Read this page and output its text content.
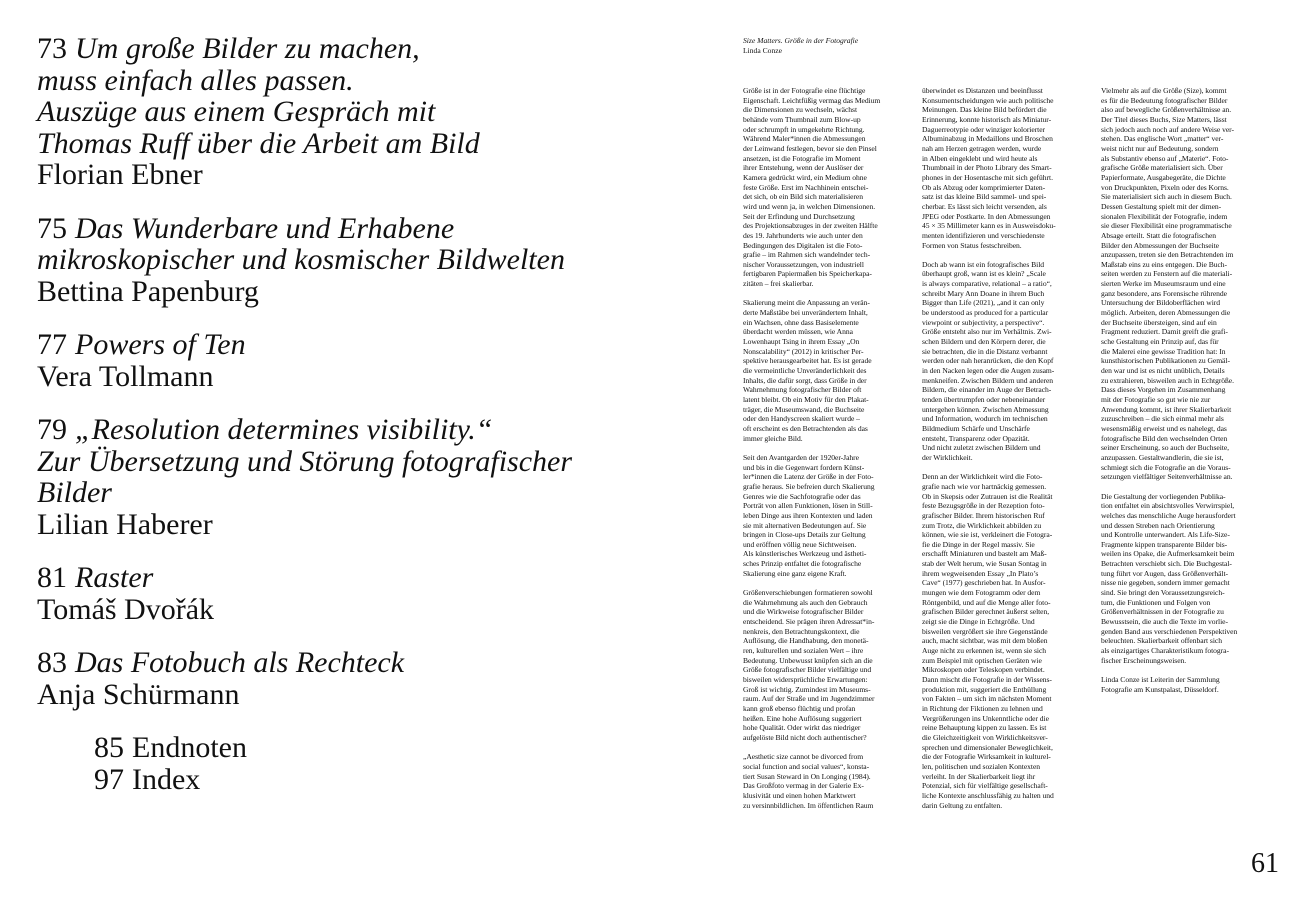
73 Um große Bilder zu machen,
muss einfach alles passen.
Auszüge aus einem Gespräch mit
Thomas Ruff über die Arbeit am Bild
Florian Ebner
75 Das Wunderbare und Erhabene
mikroskopischer und kosmischer Bildwelten
Bettina Papenburg
77 Powers of Ten
Vera Tollmann
79 „Resolution determines visibility.“
Zur Übersetzung und Störung fotografischer
Bilder
Lilian Haberer
81 Raster
Tomáš Dvořák
83 Das Fotobuch als Rechteck
Anja Schürmann
85 Endnoten
97 Index
Size Matters. Größe in der Fotografie
Linda Conze

Größe ist in der Fotografie eine flüchtige
Eigenschaft. Leichtfüßig vermag das Medium
die Dimensionen zu wechseln, wächst
behände vom Thumbnail zum Blow-up
oder schrumpft in umgekehrte Richtung.
Während Maler*innen die Abmessungen
der Leinwand festlegen, bevor sie den Pinsel
ansetzen, ist die Fotografie im Moment
ihrer Entstehung, wenn der Auslöser der
Kamera gedrückt wird, ein Medium ohne
feste Größe. Erst im Nachhinein entschei-
det sich, ob ein Bild sich materialisieren
wird und wenn ja, in welchen Dimensionen.
Seit der Erfindung und Durchsetzung
des Projektionsabzuges in der zweiten Hälfte
des 19. Jahrhunderts wie auch unter den
Bedingungen des Digitalen ist die Foto-
grafie – im Rahmen sich wandelnder tech-
nischer Voraussetzungen, von industriell
fertigbaren Papiermaßen bis Speicherkapa-
zitäten – frei skalierbar.

Skalierung meint die Anpassung an verän-
derte Maßstäbe bei unverändertem Inhalt,
ein Wachsen, ohne dass Basiselemente
überdacht werden müssen, wie Anna
Lowenhaupt Tsing in ihrem Essay „On
Nonscalability“ (2012) in kritischer Per-
spektive herausgearbeitet hat. Es ist gerade
die vermeintliche Unveränderlichkeit des
Inhalts, die dafür sorgt, dass Größe in der
Wahrnehmung fotografischer Bilder oft
latent bleibt. Ob ein Motiv für den Plakat-
träger, die Museumswand, die Buchseite
oder den Handyscreen skaliert wurde –
oft erscheint es den Betrachtenden als das
immer gleiche Bild.

Seit den Avantgarden der 1920er-Jahre
und bis in die Gegenwart fordern Künst-
ler*innen die Latenz der Größe in der Foto-
grafie heraus. Sie befreien durch Skalierung
Genres wie die Sachfotografie oder das
Porträt von allen Funktionen, lösen in Still-
leben Dinge aus ihren Kontexten und laden
sie mit alternativen Bedeutungen auf. Sie
bringen in Close-ups Details zur Geltung
und eröffnen völlig neue Sichtweisen.
Als künstlerisches Werkzeug und ästheti-
sches Prinzip entfaltet die fotografische
Skalierung eine ganz eigene Kraft.

Größenverschiebungen formatieren sowohl
die Wahrnehmung als auch den Gebrauch
und die Wirkweise fotografischer Bilder
entscheidend. Sie prägen ihren Adressat*in-
nenkreis, den Betrachtungskontext, die
Auflösung, die Handhabung, den monetä-
ren, kulturellen und sozialen Wert – ihre
Bedeutung. Unbewusst knüpfen sich an die
Größe fotografischer Bilder vielfältige und
bisweilen widersprüchliche Erwartungen:
Groß ist wichtig. Zumindest im Museums-
raum. Auf der Straße und im Jugendzimmer
kann groß ebenso flüchtig und profan
heißen. Eine hohe Auflösung suggeriert
hohe Qualität. Oder wirkt das niedriger
aufgelöste Bild nicht doch authentischer?

„Aesthetic size cannot be divorced from
social function and social values“, konsta-
tiert Susan Steward in On Longing (1984).
Das Großfoto vermag in der Galerie Ex-
klusivität und einen hohen Marktwert
zu versinnbildlichen. Im öffentlichen Raum

überwindet es Distanzen und beeinflusst
Konsumentscheidungen wie auch politische
Meinungen. Das kleine Bild befördert die
Erinnerung, konnte historisch als Miniatur-
Daguerreotypie oder winziger kolorierter
Albuminabzug in Medaillons und Broschen
nah am Herzen getragen werden, wurde
in Alben eingeklebt und wird heute als
Thumbnail in der Photo Library des Smart-
phones in der Hosentasche mit sich geführt.
Ob als Abzug oder komprimierter Daten-
satz ist das kleine Bild sammel- und spei-
cherbar. Es lässt sich leicht versenden, als
JPEG oder Postkarte. In den Abmessungen
45 × 35 Millimeter kann es in Ausweisdoku-
menten identifizieren und verschiedenste
Formen von Status festschreiben.

Doch ab wann ist ein fotografisches Bild
überhaupt groß, wann ist es klein? „Scale
is always comparative, relational – a ratio“,
schreibt Mary Ann Doane in ihrem Buch
Bigger than Life (2021), „and it can only
be understood as produced for a particular
viewpoint or subjectivity, a perspective“.
Größe entsteht also nur im Verhältnis. Zwi-
schen Bildern und den Körpern derer, die
sie betrachten, die in die Distanz verbannt
werden oder nah heranrücken, die den Kopf
in den Nacken legen oder die Augen zusam-
menkneifen. Zwischen Bildern und anderen
Bildern, die einander im Auge der Betrach-
tenden übertrumpfen oder nebeneinander
untergehen können. Zwischen Abmessung
und Information, wodurch im technischen
Bildmedium Schärfe und Unschärfe
entsteht, Transparenz oder Opazität.
Und nicht zuletzt zwischen Bildern und
der Wirklichkeit.

Denn an der Wirklichkeit wird die Foto-
grafie nach wie vor hartnäckig gemessen.
Ob in Skepsis oder Zutrauen ist die Realität
feste Bezugsgröße in der Rezeption foto-
grafischer Bilder. Ihrem historischen Ruf
zum Trotz, die Wirklichkeit abbilden zu
können, wie sie ist, verkleinert die Fotogra-
fie die Dinge in der Regel massiv. Sie
erschafft Miniaturen und bastelt am Maß-
stab der Welt herum, wie Susan Sontag in
ihrem wegweisenden Essay „In Plato’s
Cave“ (1977) geschrieben hat. In Ausfor-
mungen wie dem Fotogramm oder dem
Röntgenbild, und auf die Menge aller foto-
grafischen Bilder gerechnet äußerst selten,
zeigt sie die Dinge in Echtgröße. Und
bisweilen vergrößert sie ihre Gegenstände
auch, macht sichtbar, was mit dem bloßen
Auge nicht zu erkennen ist, wenn sie sich
zum Beispiel mit optischen Geräten wie
Mikroskopen oder Teleskopen verbindet.
Dann mischt die Fotografie in der Wissens-
produktion mit, suggeriert die Enthüllung
von Fakten – um sich im nächsten Moment
in Richtung der Fiktionen zu lehnen und
Vergrößerungen ins Unkenntliche oder die
reine Behauptung kippen zu lassen. Es ist
die Gleichzeitigkeit von Wirklichkeitsver-
sprechen und dimensionaler Beweglichkeit,
die der Fotografie Wirksamkeit in kulturel-
len, politischen und sozialen Kontexten
verleiht. In der Skalierbarkeit liegt ihr
Potenzial, sich für vielfältige gesellschaft-
liche Kontexte anschlussfähig zu halten und
darin Geltung zu entfalten.

Vielmehr als auf die Größe (Size), kommt
es für die Bedeutung fotografischer Bilder
also auf bewegliche Größenverhältnisse an.
Der Titel dieses Buchs, Size Matters, lässt
sich jedoch auch noch auf andere Weise ver-
stehen. Das englische Wort „matter“ ver-
weist nicht nur auf Bedeutung, sondern
als Substantiv ebenso auf „Materie“. Foto-
grafische Größe materialisiert sich. Über
Papierformate, Ausgabegeräte, die Dichte
von Druckpunkten, Pixeln oder des Korns.
Sie materialisiert sich auch in diesem Buch.
Dessen Gestaltung spielt mit der dimen-
sionalen Flexibilität der Fotografie, indem
sie dieser Flexibilität eine programmatische
Absage erteilt. Statt die fotografischen
Bilder den Abmessungen der Buchseite
anzupassen, treten sie den Betrachtenden im
Maßstab eins zu eins entgegen. Die Buch-
seiten werden zu Fenstern auf die materiali-
sierten Werke im Museumsraum und eine
ganz besondere, ans Forensische rührende
Untersuchung der Bildoberflächen wird
möglich. Arbeiten, deren Abmessungen die
der Buchseite übersteigen, sind auf ein
Fragment reduziert. Damit greift die grafi-
sche Gestaltung ein Prinzip auf, das für
die Malerei eine gewisse Tradition hat: In
kunsthistorischen Publikationen zu Gemäl-
den war und ist es nicht unüblich, Details
zu extrahieren, bisweilen auch in Echtgröße.
Dass dieses Vorgehen im Zusammenhang
mit der Fotografie so gut wie nie zur
Anwendung kommt, ist ihrer Skalierbarkeit
zuzuschreiben – die sich einmal mehr als
wesensmäßig erweist und es nahelegt, das
fotografische Bild den wechselnden Orten
seiner Erscheinung, so auch der Buchseite,
anzupassen. Gestaltwandlerin, die sie ist,
schmiegt sich die Fotografie an die Voraus-
setzungen vielfältiger Seitenverhältnisse an.

Die Gestaltung der vorliegenden Publika-
tion entfaltet ein absichtsvolles Verwirrspiel,
welches das menschliche Auge herausfordert
und dessen Streben nach Orientierung
und Kontrolle unterwandert. Als Life-Size-
Fragmente kippen transparente Bilder bis-
weilen ins Opake, die Aufmerksamkeit beim
Betrachten verschiebt sich. Die Buchgestal-
tung führt vor Augen, dass Größenverhält-
nisse nie gegeben, sondern immer gemacht
sind. Sie bringt den Voraussetzungsreich-
tum, die Funktionen und Folgen von
Größenverhältnissen in der Fotografie zu
Bewusstsein, die auch die Texte im vorlie-
genden Band aus verschiedenen Perspektiven
beleuchten. Skalierbarkeit offenbart sich
als einzigartiges Charakteristikum fotogra-
fischer Erscheinungsweisen.

Linda Conze ist Leiterin der Sammlung
Fotografie am Kunstpalast, Düsseldorf.

61
